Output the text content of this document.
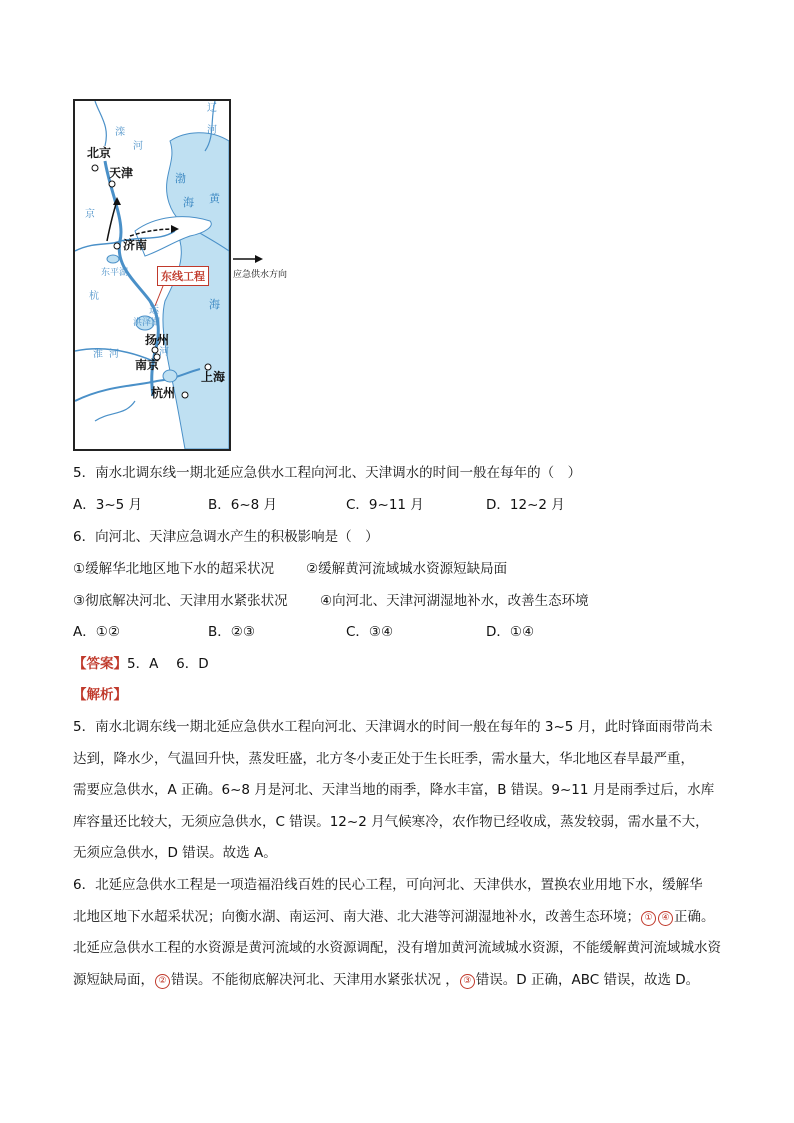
北京
天津
济南
扬州
南京
上海
杭州
辽
河
滦
河
渤
海 黄
海
京
杭
运
河
东平湖
洪泽湖
淮 河
东线工程	应急供水方向
5．南水北调东线一期北延应急供水工程向河北、天津调水的时间一般在每年的（　）
A．3~5 月	B．6~8 月	C．9~11 月	D．12~2 月
6．向河北、天津应急调水产生的积极影响是（　）
①缓解华北地区地下水的超采状况 ②缓解黄河流域城水资源短缺局面
③彻底解决河北、天津用水紧张状况 ④向河北、天津河湖湿地补水，改善生态环境
A．①②	B．②③	C．③④	D．①④
【答案】5．A　 6．D
【解析】
5．南水北调东线一期北延应急供水工程向河北、天津调水的时间一般在每年的 3~5 月，此时锋面雨带尚未
达到，降水少，气温回升快，蒸发旺盛，北方冬小麦正处于生长旺季，需水量大，华北地区春旱最严重，
需要应急供水，A 正确。6~8 月是河北、天津当地的雨季，降水丰富，B 错误。9~11 月是雨季过后，水库
库容量还比较大，无须应急供水，C 错误。12~2 月气候寒冷，农作物已经收成，蒸发较弱，需水量不大，
无须应急供水，D 错误。故选 A。
6．北延应急供水工程是一项造福沿线百姓的民心工程，可向河北、天津供水，置换农业用地下水，缓解华
北地区地下水超采状况；向衡水湖、南运河、南大港、北大港等河湖湿地补水，改善生态环境； ① ④ 正确。
北延应急供水工程的水资源是黄河流域的水资源调配，没有增加黄河流域城水资源，不能缓解黄河流域城水资
源短缺局面， ② 错误。不能彻底解决河北、天津用水紧张状况 ， ③ 错误。D 正确，ABC 错误，故选 D。
